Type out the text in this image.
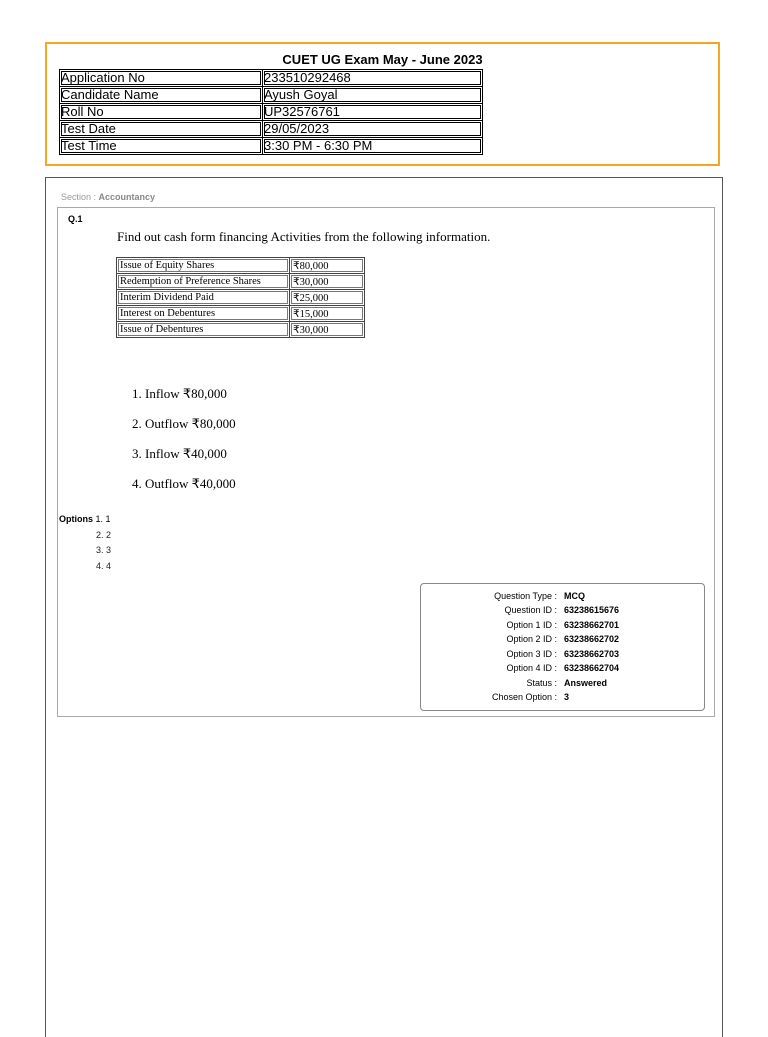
CUET UG Exam May - June 2023
Application No	233510292468
Candidate Name	Ayush Goyal
Roll No	UP32576761
Test Date	29/05/2023
Test Time	3:30 PM - 6:30 PM
Section : Accountancy
Q.1
Find out cash form financing Activities from the following information.
Issue of Equity Shares	₹80,000
Redemption of Preference Shares	₹30,000
Interim Dividend Paid	₹25,000
Interest on Debentures	₹15,000
Issue of Debentures	₹30,000
1. Inflow ₹80,000
2. Outflow ₹80,000
3. Inflow ₹40,000
4. Outflow ₹40,000
Options 1. 1
2. 2
3. 3
4. 4
Question Type : MCQ
Question ID : 63238615676
Option 1 ID : 63238662701
Option 2 ID : 63238662702
Option 3 ID : 63238662703
Option 4 ID : 63238662704
Status : Answered
Chosen Option : 3
